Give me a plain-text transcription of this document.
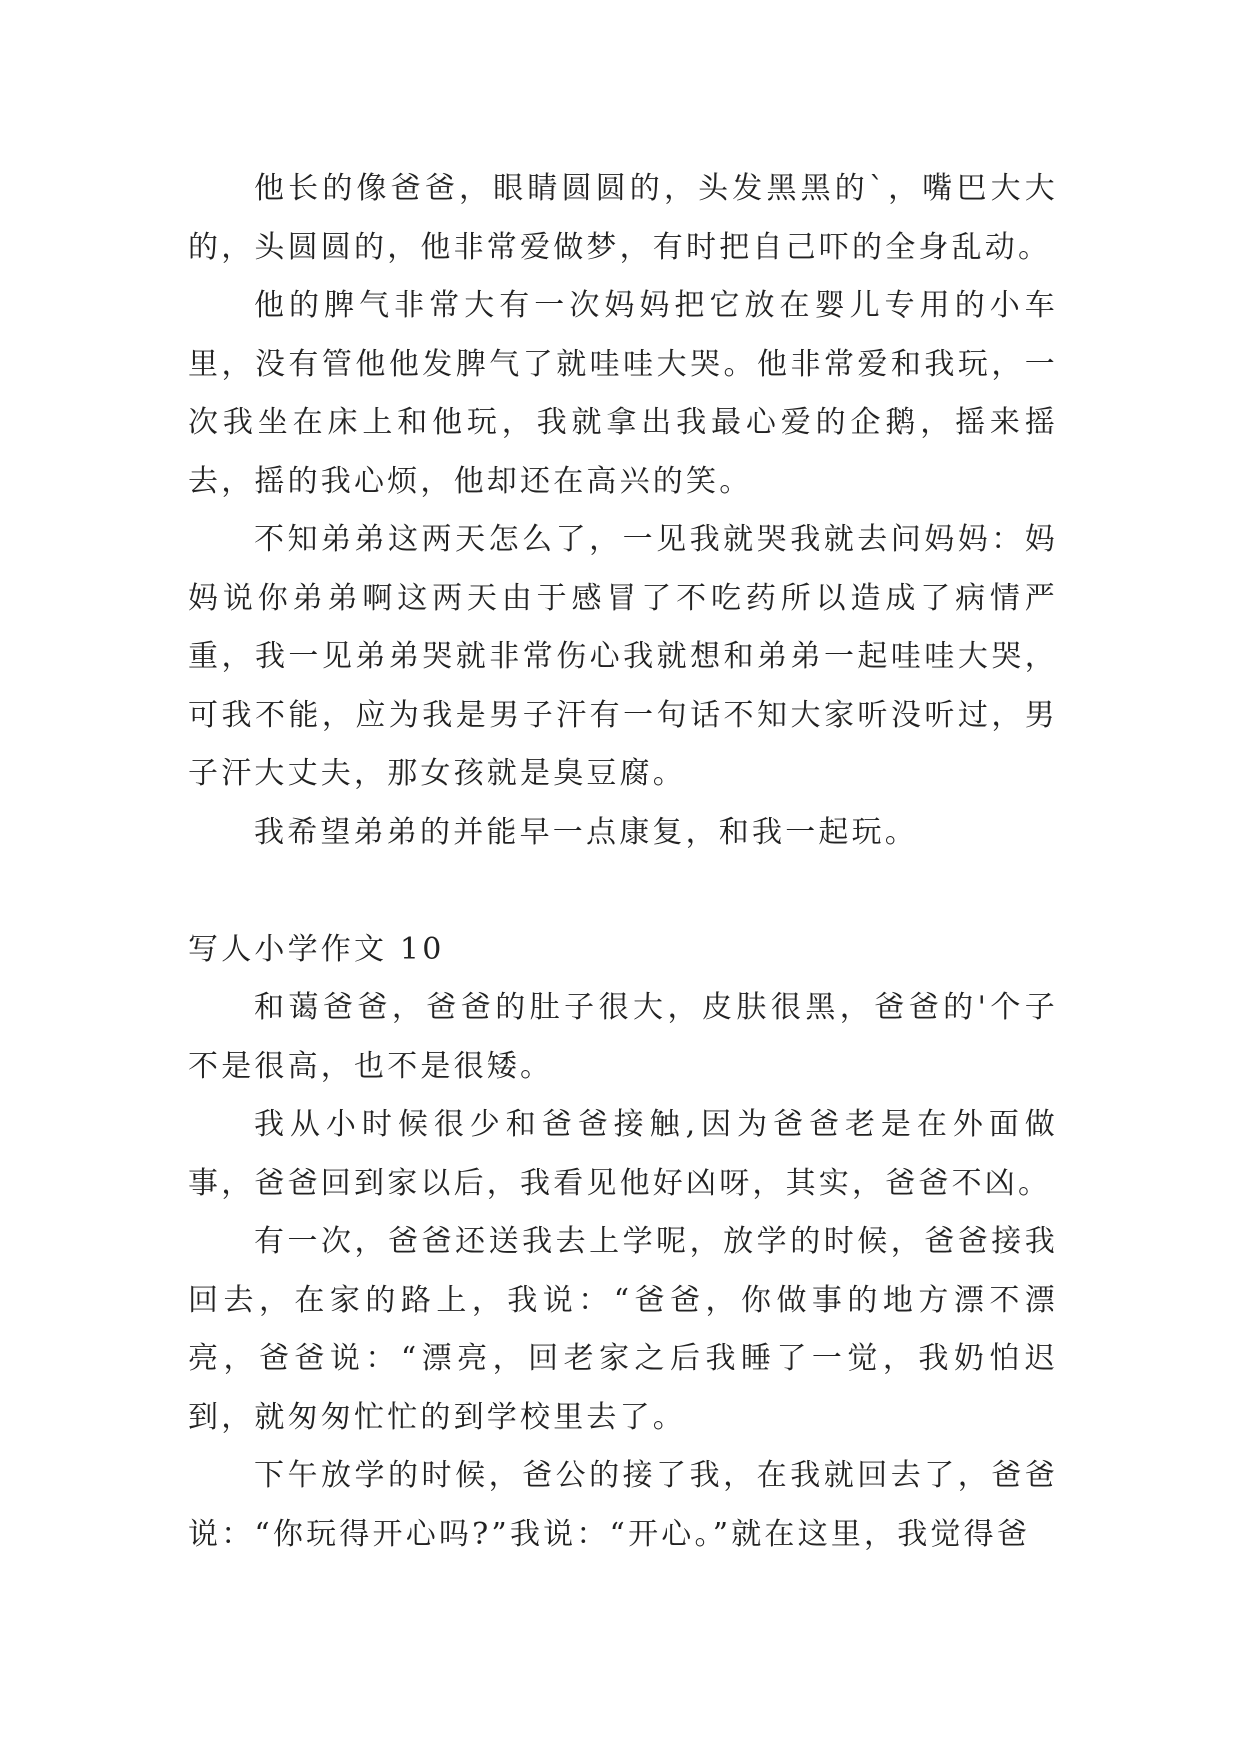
他长的像爸爸，眼睛圆圆的，头发黑黑的`，嘴巴大大的，头圆圆的，他非常爱做梦，有时把自己吓的全身乱动。

他的脾气非常大有一次妈妈把它放在婴儿专用的小车里，没有管他他发脾气了就哇哇大哭。他非常爱和我玩，一次我坐在床上和他玩，我就拿出我最心爱的企鹅，摇来摇去，摇的我心烦，他却还在高兴的笑。

不知弟弟这两天怎么了，一见我就哭我就去问妈妈：妈妈说你弟弟啊这两天由于感冒了不吃药所以造成了病情严重，我一见弟弟哭就非常伤心我就想和弟弟一起哇哇大哭，可我不能，应为我是男子汗有一句话不知大家听没听过，男子汗大丈夫，那女孩就是臭豆腐。

我希望弟弟的并能早一点康复，和我一起玩。

写人小学作文 10

和蔼爸爸，爸爸的肚子很大，皮肤很黑，爸爸的'个子不是很高，也不是很矮。

我从小时候很少和爸爸接触,因为爸爸老是在外面做事，爸爸回到家以后，我看见他好凶呀，其实，爸爸不凶。

有一次，爸爸还送我去上学呢，放学的时候，爸爸接我回去，在家的路上，我说：“爸爸，你做事的地方漂不漂亮，爸爸说：“漂亮，回老家之后我睡了一觉，我奶怕迟到，就匆匆忙忙的到学校里去了。

下午放学的时候，爸公的接了我，在我就回去了，爸爸说：“你玩得开心吗?”我说：“开心。”就在这里，我觉得爸
